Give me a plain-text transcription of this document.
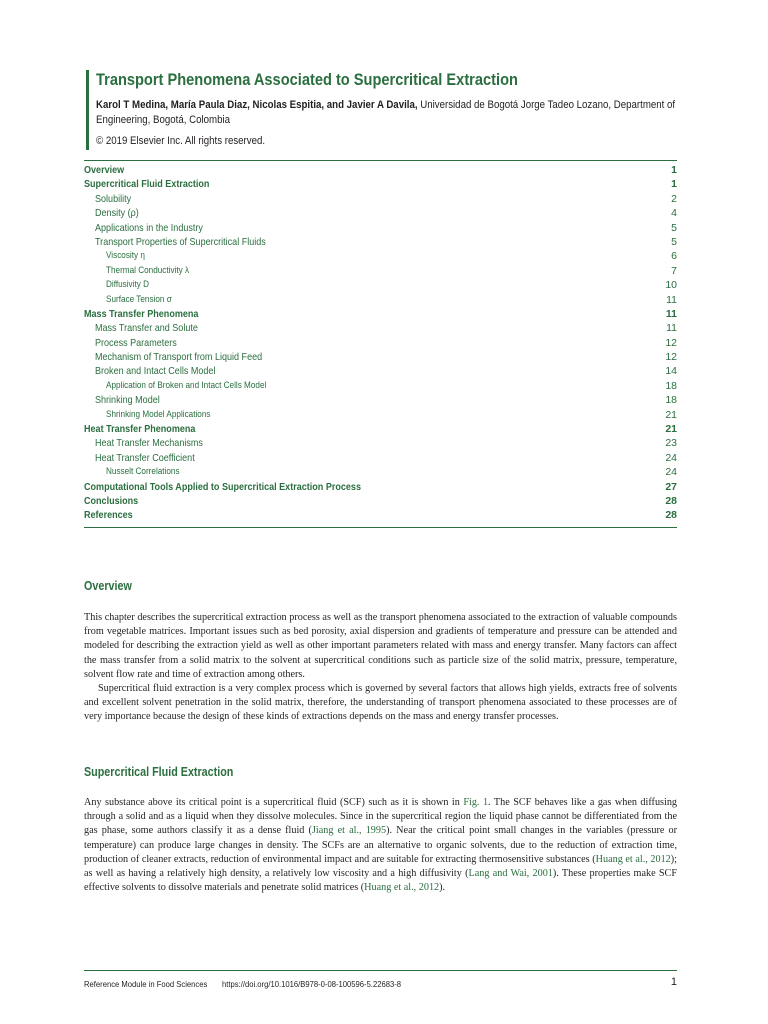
Transport Phenomena Associated to Supercritical Extraction
Karol T Medina, María Paula Diaz, Nicolas Espitia, and Javier A Davila, Universidad de Bogotá Jorge Tadeo Lozano, Department of Engineering, Bogotá, Colombia
© 2019 Elsevier Inc. All rights reserved.
Overview	1
Supercritical Fluid Extraction	1
Solubility	2
Density (ρ)	4
Applications in the Industry	5
Transport Properties of Supercritical Fluids	5
Viscosity η	6
Thermal Conductivity λ	7
Diffusivity D	10
Surface Tension σ	11
Mass Transfer Phenomena	11
Mass Transfer and Solute	11
Process Parameters	12
Mechanism of Transport from Liquid Feed	12
Broken and Intact Cells Model	14
Application of Broken and Intact Cells Model	18
Shrinking Model	18
Shrinking Model Applications	21
Heat Transfer Phenomena	21
Heat Transfer Mechanisms	23
Heat Transfer Coefficient	24
Nusselt Correlations	24
Computational Tools Applied to Supercritical Extraction Process	27
Conclusions	28
References	28
Overview

This chapter describes the supercritical extraction process as well as the transport phenomena associated to the extraction of valuable compounds from vegetable matrices. Important issues such as bed porosity, axial dispersion and gradients of temperature and pressure can be attended and modeled for describing the extraction yield as well as other important parameters related with mass and energy transfer. Many factors can affect the mass transfer from a solid matrix to the solvent at supercritical conditions such as particle size of the solid matrix, pressure, temperature, solvent flow rate and time of extraction among others.

Supercritical fluid extraction is a very complex process which is governed by several factors that allows high yields, extracts free of solvents and excellent solvent penetration in the solid matrix, therefore, the understanding of transport phenomena associated to these processes are of very importance because the design of these kinds of extractions depends on the mass and energy transfer processes.

Supercritical Fluid Extraction

Any substance above its critical point is a supercritical fluid (SCF) such as it is shown in Fig. 1. The SCF behaves like a gas when diffusing through a solid and as a liquid when they dissolve molecules. Since in the supercritical region the liquid phase cannot be differentiated from the gas phase, some authors classify it as a dense fluid (Jiang et al., 1995). Near the critical point small changes in the variables (pressure or temperature) can produce large changes in density. The SCFs are an alternative to organic solvents, due to the reduction of extraction time, production of cleaner extracts, reduction of environmental impact and are suitable for extracting thermosensitive substances (Huang et al., 2012); as well as having a relatively high density, a relatively low viscosity and a high diffusivity (Lang and Wai, 2001). These properties make SCF effective solvents to dissolve materials and penetrate solid matrices (Huang et al., 2012).

Reference Module in Food Sciences https://doi.org/10.1016/B978-0-08-100596-5.22683-8	1
